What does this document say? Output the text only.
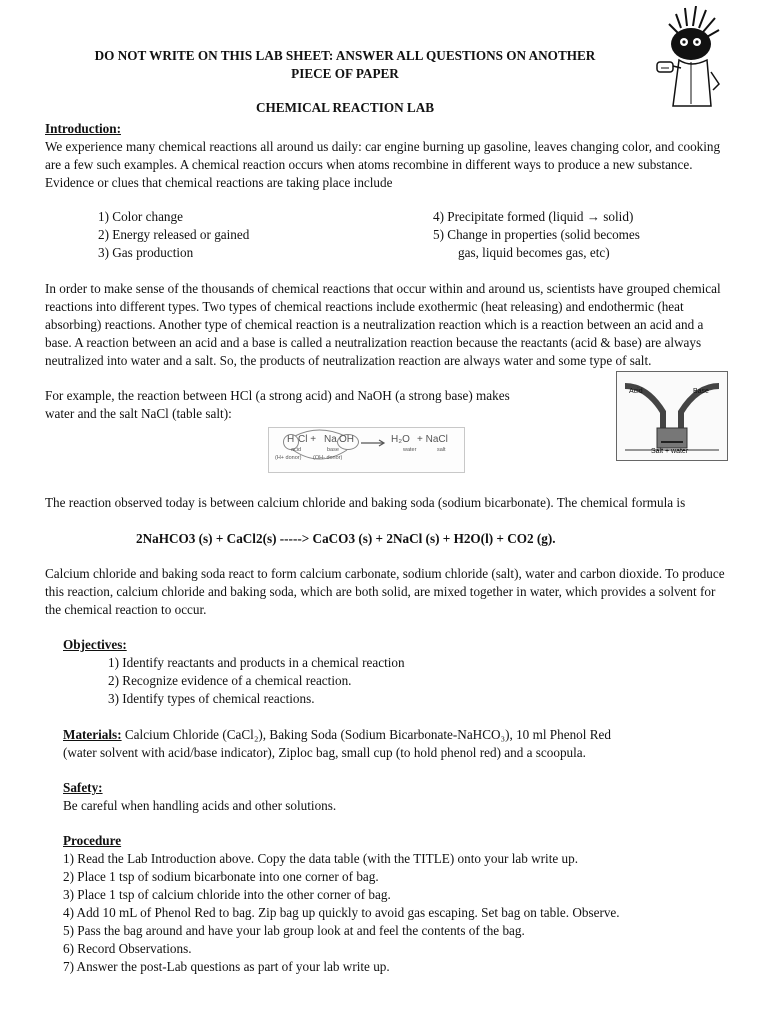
DO NOT WRITE ON THIS LAB SHEET: ANSWER ALL QUESTIONS ON ANOTHER
PIECE OF PAPER
CHEMICAL REACTION LAB
Introduction:
We experience many chemical reactions all around us daily: car engine burning up gasoline, leaves changing color, and cooking are a few such examples. A chemical reaction occurs when atoms recombine in different ways to produce a new substance. Evidence or clues that chemical reactions are taking place include
1) Color change
2) Energy released or gained
3) Gas production
4) Precipitate formed (liquid → solid)
5) Change in properties (solid becomes
gas, liquid becomes gas, etc)
In order to make sense of the thousands of chemical reactions that occur within and around us, scientists have grouped chemical reactions into different types. Two types of chemical reactions include exothermic (heat releasing) and endothermic (heat absorbing) reactions. Another type of chemical reaction is a neutralization reaction which is a reaction between an acid and a base. A reaction between an acid and a base is called a neutralization reaction because the reactants (acid & base) are always neutralized into water and a salt. So, the products of neutralization reaction are always water and some type of salt.
For example, the reaction between HCl (a strong acid) and NaOH (a strong base) makes
water and the salt NaCl (table salt):
Acid	Base
Salt + water
H Cl + Na OH	H₂O + NaCl
acid
(H+ donor)
base
(OH- donor)
water	salt
The reaction observed today is between calcium chloride and baking soda (sodium bicarbonate). The chemical formula is
2NaHCO3 (s) + CaCl2(s) -----> CaCO3 (s) + 2NaCl (s) + H2O(l) + CO2 (g).
Calcium chloride and baking soda react to form calcium carbonate, sodium chloride (salt), water and carbon dioxide. To produce this reaction, calcium chloride and baking soda, which are both solid, are mixed together in water, which provides a solvent for the chemical reaction to occur.
Objectives:
1) Identify reactants and products in a chemical reaction
2) Recognize evidence of a chemical reaction.
3) Identify types of chemical reactions.
Materials: Calcium Chloride (CaCl₂), Baking Soda (Sodium Bicarbonate-NaHCO₃), 10 ml Phenol Red
(water solvent with acid/base indicator), Ziploc bag, small cup (to hold phenol red) and a scoopula.
Safety:
Be careful when handling acids and other solutions.
Procedure
1) Read the Lab Introduction above. Copy the data table (with the TITLE) onto your lab write up.
2) Place 1 tsp of sodium bicarbonate into one corner of bag.
3) Place 1 tsp of calcium chloride into the other corner of bag.
4) Add 10 mL of Phenol Red to bag. Zip bag up quickly to avoid gas escaping. Set bag on table. Observe.
5) Pass the bag around and have your lab group look at and feel the contents of the bag.
6) Record Observations.
7) Answer the post-Lab questions as part of your lab write up.
